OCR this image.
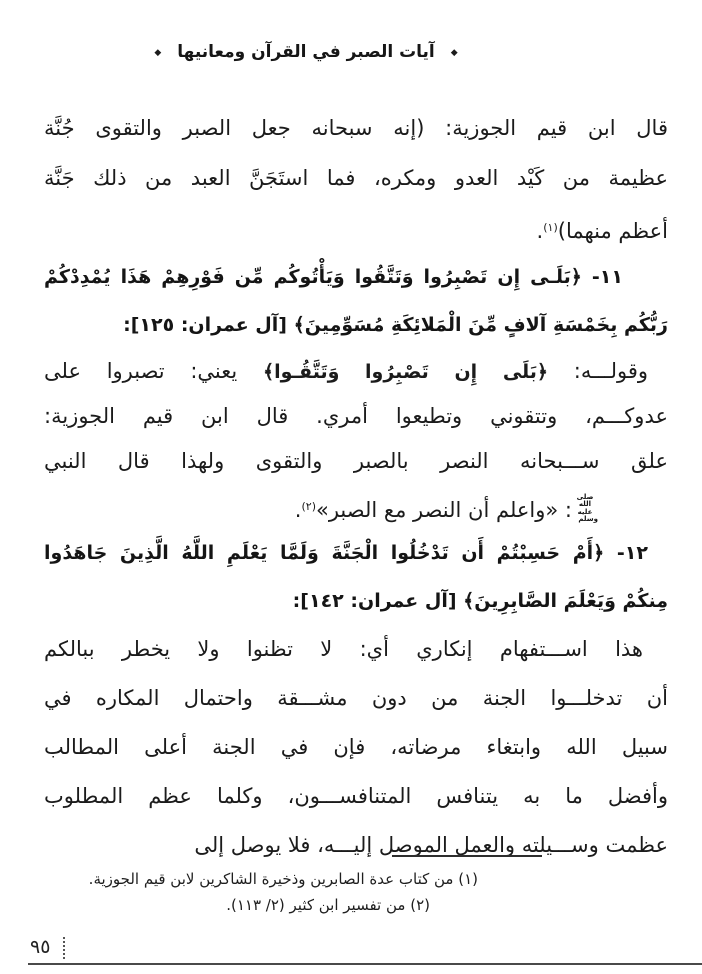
◆آيات الصبر في القرآن ومعانيها◆
قال ابن قيم الجوزية: (إنه سبحانه جعل الصبر والتقوى جُنَّة
عظيمة من كَيْد العدو ومكره، فما استَجَنَّ العبد من ذلك جَنَّة
أعظم منهما)$^{(١)}$.
١١- ﴿بَلَـى إِن تَصْبِرُوا وَتَتَّقُوا وَيَأْتُوكُم مِّن فَوْرِهِمْ هَذَا يُمْدِدْكُمْ
رَبُّكُم بِخَمْسَةِ آلافٍ مِّنَ الْمَلائِكَةِ مُسَوِّمِينَ﴾ [آل عمران: ١٢٥]:
وقولـــه: ﴿بَلَى إِن تَصْبِرُوا وَتَتَّقُـوا﴾ يعني: تصبروا على
عدوكـــم، وتتقوني وتطيعوا أمري. قال ابن قيم الجوزية:
علق ســـبحانه النصر بالصبر والتقوى ولهذا قال النبي
صلى الله عليه وسلم: «واعلم أن النصر مع الصبر»$^{(٢)}$.
١٢- ﴿أَمْ حَسِبْتُمْ أَن تَدْخُلُوا الْجَنَّةَ وَلَمَّا يَعْلَمِ اللَّهُ الَّذِينَ جَاهَدُوا
مِنكُمْ وَيَعْلَمَ الصَّابِرِينَ﴾ [آل عمران: ١٤٢]:
هذا اســـتفهام إنكاري أي: لا تظنوا ولا يخطر ببالكم
أن تدخلـــوا الجنة من دون مشـــقة واحتمال المكاره في
سبيل الله وابتغاء مرضاته، فإن في الجنة أعلى المطالب
وأفضل ما به يتنافس المتنافســـون، وكلما عظم المطلوب
عظمت وســـيلته والعمل الموصل إليـــه، فلا يوصل إلى
(١) من كتاب عدة الصابرين وذخيرة الشاكرين لابن قيم الجوزية.
(٢) من تفسير ابن كثير (٢/ ١١٣).
٩٥
